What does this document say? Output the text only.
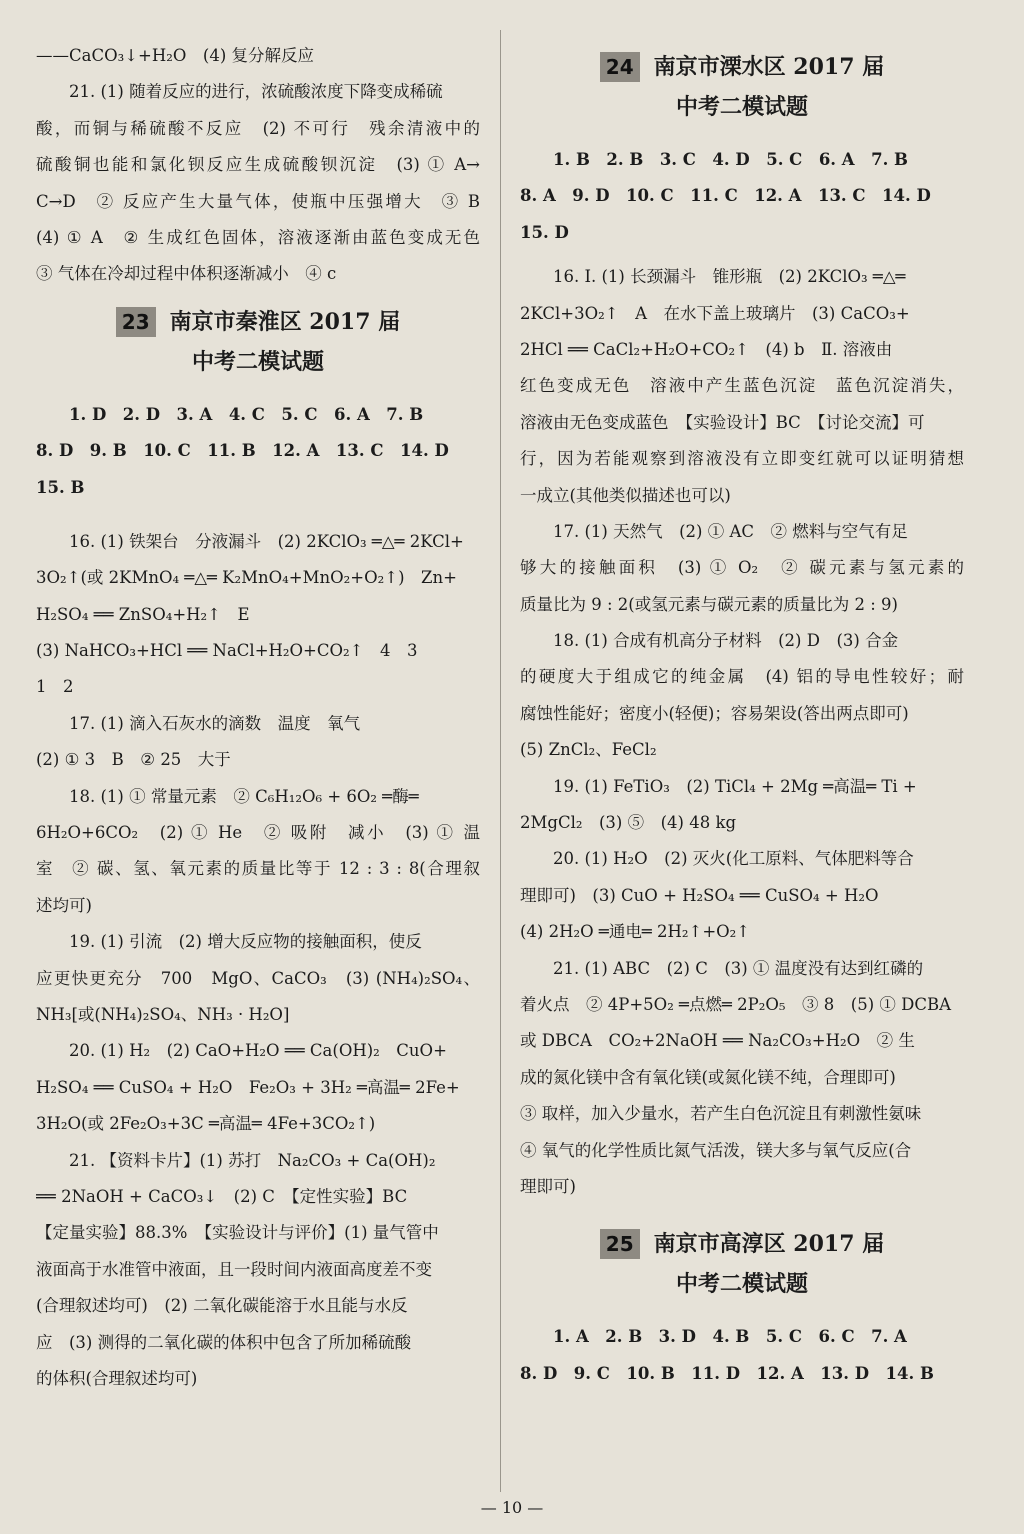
——CaCO₃↓+H₂O　(4) 复分解反应
21. (1) 随着反应的进行，浓硫酸浓度下降变成稀硫
酸，而铜与稀硫酸不反应　(2) 不可行　残余清液中的
硫酸铜也能和氯化钡反应生成硫酸钡沉淀　(3) ① A→
C→D　② 反应产生大量气体，使瓶中压强增大　③ B
(4) ① A　② 生成红色固体，溶液逐渐由蓝色变成无色
③ 气体在冷却过程中体积逐渐减小　④ c
23 南京市秦淮区 2017 届
中考二模试题
1. D　2. D　3. A　4. C　5. C　6. A　7. B
8. D　9. B　10. C　11. B　12. A　13. C　14. D
15. B
16. (1) 铁架台　分液漏斗　(2) 2KClO₃ ═△═ 2KCl+
3O₂↑(或 2KMnO₄ ═△═ K₂MnO₄+MnO₂+O₂↑)　Zn+
H₂SO₄ ══ ZnSO₄+H₂↑　E
(3) NaHCO₃+HCl ══ NaCl+H₂O+CO₂↑　4　3
1　2
17. (1) 滴入石灰水的滴数　温度　氧气
(2) ① 3　B　② 25　大于
18. (1) ① 常量元素　② C₆H₁₂O₆ + 6O₂ ═酶═
6H₂O+6CO₂　(2) ① He　② 吸附　减小　(3) ① 温
室　② 碳、氢、氧元素的质量比等于 12 : 3 : 8(合理叙
述均可)
19. (1) 引流　(2) 增大反应物的接触面积，使反
应更快更充分　700　MgO、CaCO₃　(3) (NH₄)₂SO₄、
NH₃[或(NH₄)₂SO₄、NH₃ · H₂O]
20. (1) H₂　(2) CaO+H₂O ══ Ca(OH)₂　CuO+
H₂SO₄ ══ CuSO₄ + H₂O　Fe₂O₃ + 3H₂ ═高温═ 2Fe+
3H₂O(或 2Fe₂O₃+3C ═高温═ 4Fe+3CO₂↑)
21. 【资料卡片】(1) 苏打　Na₂CO₃ + Ca(OH)₂
══ 2NaOH + CaCO₃↓　(2) C　【定性实验】BC
【定量实验】88.3%　【实验设计与评价】(1) 量气管中
液面高于水准管中液面，且一段时间内液面高度差不变
(合理叙述均可)　(2) 二氧化碳能溶于水且能与水反
应　(3) 测得的二氧化碳的体积中包含了所加稀硫酸
的体积(合理叙述均可)
24 南京市溧水区 2017 届
中考二模试题
1. B　2. B　3. C　4. D　5. C　6. A　7. B
8. A　9. D　10. C　11. C　12. A　13. C　14. D
15. D
16. Ⅰ. (1) 长颈漏斗　锥形瓶　(2) 2KClO₃ ═△═
2KCl+3O₂↑　A　在水下盖上玻璃片　(3) CaCO₃+
2HCl ══ CaCl₂+H₂O+CO₂↑　(4) b　Ⅱ. 溶液由
红色变成无色　溶液中产生蓝色沉淀　蓝色沉淀消失，
溶液由无色变成蓝色　【实验设计】BC　【讨论交流】可
行，因为若能观察到溶液没有立即变红就可以证明猜想
一成立(其他类似描述也可以)
17. (1) 天然气　(2) ① AC　② 燃料与空气有足
够大的接触面积　(3) ① O₂　② 碳元素与氢元素的
质量比为 9 : 2(或氢元素与碳元素的质量比为 2 : 9)
18. (1) 合成有机高分子材料　(2) D　(3) 合金
的硬度大于组成它的纯金属　(4) 铝的导电性较好；耐
腐蚀性能好；密度小(轻便)；容易架设(答出两点即可)
(5) ZnCl₂、FeCl₂
19. (1) FeTiO₃　(2) TiCl₄ + 2Mg ═高温═ Ti +
2MgCl₂　(3) ⑤　(4) 48 kg
20. (1) H₂O　(2) 灭火(化工原料、气体肥料等合
理即可)　(3) CuO + H₂SO₄ ══ CuSO₄ + H₂O
(4) 2H₂O ═通电═ 2H₂↑+O₂↑
21. (1) ABC　(2) C　(3) ① 温度没有达到红磷的
着火点　② 4P+5O₂ ═点燃═ 2P₂O₅　③ 8　(5) ① DCBA
或 DBCA　CO₂+2NaOH ══ Na₂CO₃+H₂O　② 生
成的氮化镁中含有氧化镁(或氮化镁不纯，合理即可)
③ 取样，加入少量水，若产生白色沉淀且有刺激性氨味
④ 氧气的化学性质比氮气活泼，镁大多与氧气反应(合
理即可)
25 南京市高淳区 2017 届
中考二模试题
1. A　2. B　3. D　4. B　5. C　6. C　7. A
8. D　9. C　10. B　11. D　12. A　13. D　14. B
— 10 —
